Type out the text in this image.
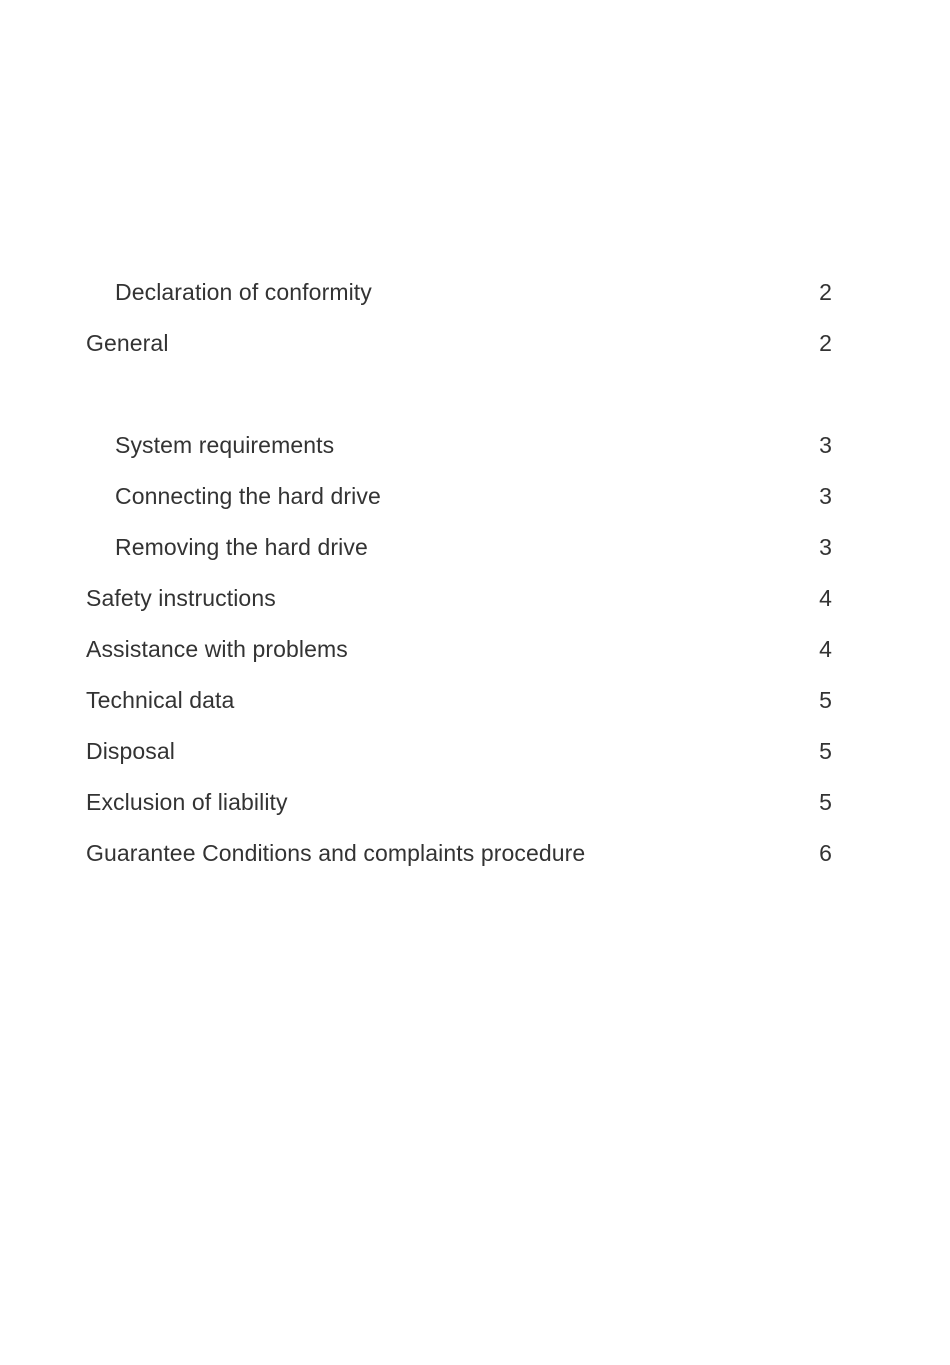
Declaration of conformity	2
General	2
System requirements	3
Connecting the hard drive	3
Removing the hard drive	3
Safety instructions	4
Assistance with problems	4
Technical data	5
Disposal	5
Exclusion of liability	5
Guarantee Conditions and complaints procedure	6
